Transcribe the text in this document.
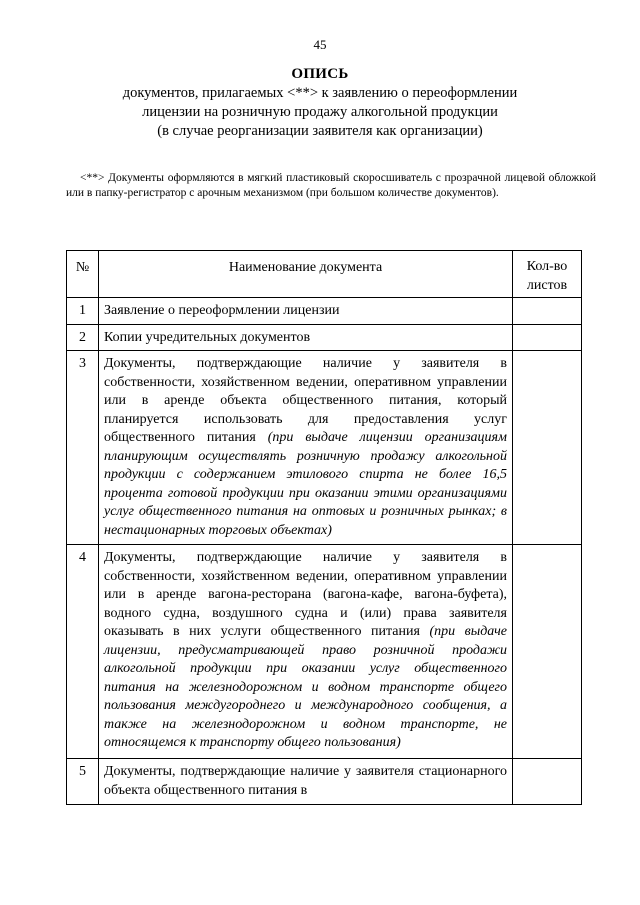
45
ОПИСЬ
документов, прилагаемых <**> к заявлению о переоформлении
лицензии на розничную продажу алкогольной продукции
(в случае реорганизации заявителя как организации)
<**> Документы оформляются в мягкий пластиковый скоросшиватель с прозрачной лицевой обложкой или в папку-регистратор с арочным механизмом (при большом количестве документов).
№	Наименование документа	Кол-во листов
1	Заявление о переоформлении лицензии	
2	Копии учредительных документов	
3	Документы, подтверждающие наличие у заявителя в собственности, хозяйственном ведении, оперативном управлении или в аренде объекта общественного питания, который планируется использовать для предоставления услуг общественного питания (при выдаче лицензии организациям планирующим осуществлять розничную продажу алкогольной продукции с содержанием этилового спирта не более 16,5 процента готовой продукции при оказании этими организациями услуг общественного питания на оптовых и розничных рынках; в нестационарных торговых объектах)	
4	Документы, подтверждающие наличие у заявителя в собственности, хозяйственном ведении, оперативном управлении или в аренде вагона-ресторана (вагона-кафе, вагона-буфета), водного судна, воздушного судна и (или) права заявителя оказывать в них услуги общественного питания (при выдаче лицензии, предусматривающей право розничной продажи алкогольной продукции при оказании услуг общественного питания на железнодорожном и водном транспорте общего пользования междугороднего и международного сообщения, а также на железнодорожном и водном транспорте, не относящемся к транспорту общего пользования)	
5	Документы, подтверждающие наличие у заявителя стационарного объекта общественного питания в	
